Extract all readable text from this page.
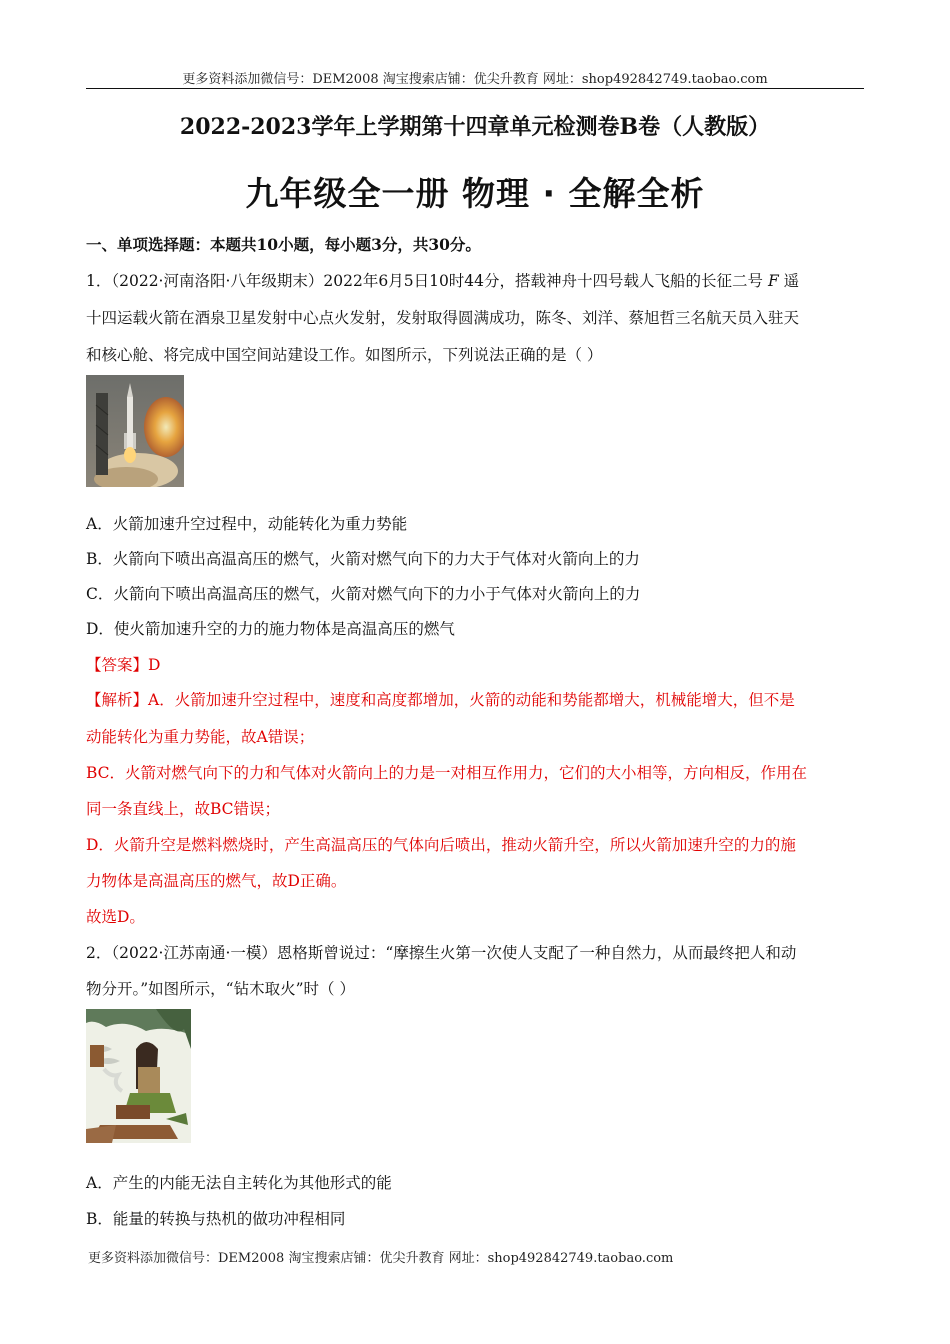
更多资料添加微信号：DEM2008 淘宝搜索店铺：优尖升教育 网址：shop492842749.taobao.com
2022-2023学年上学期第十四章单元检测卷B卷（人教版）
九年级全一册 物理 · 全解全析
一、单项选择题：本题共10小题，每小题3分，共30分。
1．（2022·河南洛阳·八年级期末）2022年6月5日10时44分，搭载神舟十四号载人飞船的长征二号 F 遥
十四运载火箭在酒泉卫星发射中心点火发射，发射取得圆满成功，陈冬、刘洋、蔡旭哲三名航天员入驻天
和核心舱、将完成中国空间站建设工作。如图所示，下列说法正确的是（ ）
A．火箭加速升空过程中，动能转化为重力势能
B．火箭向下喷出高温高压的燃气，火箭对燃气向下的力大于气体对火箭向上的力
C．火箭向下喷出高温高压的燃气，火箭对燃气向下的力小于气体对火箭向上的力
D．使火箭加速升空的力的施力物体是高温高压的燃气
【答案】D
【解析】A．火箭加速升空过程中，速度和高度都增加，火箭的动能和势能都增大，机械能增大，但不是
动能转化为重力势能，故A错误；
BC．火箭对燃气向下的力和气体对火箭向上的力是一对相互作用力，它们的大小相等，方向相反，作用在
同一条直线上，故BC错误；
D．火箭升空是燃料燃烧时，产生高温高压的气体向后喷出，推动火箭升空，所以火箭加速升空的力的施
力物体是高温高压的燃气，故D正确。
故选D。
2．（2022·江苏南通·一模）恩格斯曾说过：“摩擦生火第一次使人支配了一种自然力，从而最终把人和动
物分开。”如图所示，“钻木取火”时（ ）
A．产生的内能无法自主转化为其他形式的能
B．能量的转换与热机的做功冲程相同
更多资料添加微信号：DEM2008 淘宝搜索店铺：优尖升教育 网址：shop492842749.taobao.com
